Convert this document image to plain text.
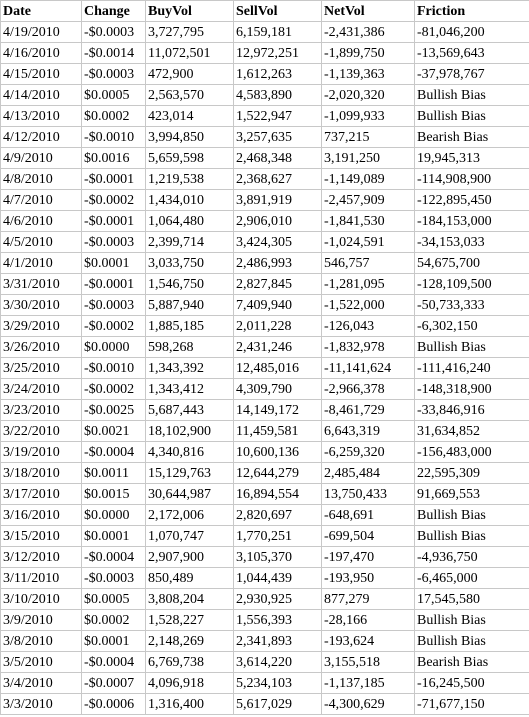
Date	Change	BuyVol	SellVol	NetVol	Friction
4/19/2010	-$0.0003	3,727,795	6,159,181	-2,431,386	-81,046,200
4/16/2010	-$0.0014	11,072,501	12,972,251	-1,899,750	-13,569,643
4/15/2010	-$0.0003	472,900	1,612,263	-1,139,363	-37,978,767
4/14/2010	$0.0005	2,563,570	4,583,890	-2,020,320	Bullish Bias
4/13/2010	$0.0002	423,014	1,522,947	-1,099,933	Bullish Bias
4/12/2010	-$0.0010	3,994,850	3,257,635	737,215	Bearish Bias
4/9/2010	$0.0016	5,659,598	2,468,348	3,191,250	19,945,313
4/8/2010	-$0.0001	1,219,538	2,368,627	-1,149,089	-114,908,900
4/7/2010	-$0.0002	1,434,010	3,891,919	-2,457,909	-122,895,450
4/6/2010	-$0.0001	1,064,480	2,906,010	-1,841,530	-184,153,000
4/5/2010	-$0.0003	2,399,714	3,424,305	-1,024,591	-34,153,033
4/1/2010	$0.0001	3,033,750	2,486,993	546,757	54,675,700
3/31/2010	-$0.0001	1,546,750	2,827,845	-1,281,095	-128,109,500
3/30/2010	-$0.0003	5,887,940	7,409,940	-1,522,000	-50,733,333
3/29/2010	-$0.0002	1,885,185	2,011,228	-126,043	-6,302,150
3/26/2010	$0.0000	598,268	2,431,246	-1,832,978	Bullish Bias
3/25/2010	-$0.0010	1,343,392	12,485,016	-11,141,624	-111,416,240
3/24/2010	-$0.0002	1,343,412	4,309,790	-2,966,378	-148,318,900
3/23/2010	-$0.0025	5,687,443	14,149,172	-8,461,729	-33,846,916
3/22/2010	$0.0021	18,102,900	11,459,581	6,643,319	31,634,852
3/19/2010	-$0.0004	4,340,816	10,600,136	-6,259,320	-156,483,000
3/18/2010	$0.0011	15,129,763	12,644,279	2,485,484	22,595,309
3/17/2010	$0.0015	30,644,987	16,894,554	13,750,433	91,669,553
3/16/2010	$0.0000	2,172,006	2,820,697	-648,691	Bullish Bias
3/15/2010	$0.0001	1,070,747	1,770,251	-699,504	Bullish Bias
3/12/2010	-$0.0004	2,907,900	3,105,370	-197,470	-4,936,750
3/11/2010	-$0.0003	850,489	1,044,439	-193,950	-6,465,000
3/10/2010	$0.0005	3,808,204	2,930,925	877,279	17,545,580
3/9/2010	$0.0002	1,528,227	1,556,393	-28,166	Bullish Bias
3/8/2010	$0.0001	2,148,269	2,341,893	-193,624	Bullish Bias
3/5/2010	-$0.0004	6,769,738	3,614,220	3,155,518	Bearish Bias
3/4/2010	-$0.0007	4,096,918	5,234,103	-1,137,185	-16,245,500
3/3/2010	-$0.0006	1,316,400	5,617,029	-4,300,629	-71,677,150
